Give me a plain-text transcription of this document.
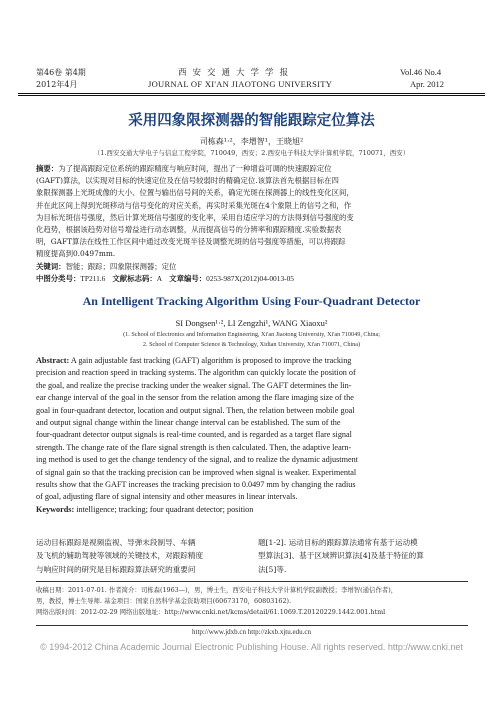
第46卷 第4期
2012年4月
西安交通大学学报
JOURNAL OF XI'AN JIAOTONG UNIVERSITY
Vol.46 No.4
Apr. 2012
采用四象限探测器的智能跟踪定位算法
司栋森¹·²，李增智¹，王晓旭²
（1.西安交通大学电子与信息工程学院，710049，西安；2.西安电子科技大学计算机学院，710071，西安）
摘要：为了提高跟踪定位系统的跟踪精度与响应时间，提出了一种增益可调的快速跟踪定位
(GAFT)算法，以实现对目标的快速定位及在信号较弱时的精确定位.该算法首先根据目标在四
象限探测器上光斑成像的大小、位置与输出信号间的关系，确定光斑在探测器上的线性变化区间，
并在此区间上得到光斑移动与信号变化的对应关系，再实时采集光斑在4个象限上的信号之和，作
为目标光斑信号强度，然后计算光斑信号强度的变化率，采用自适应学习的方法得到信号强度的变
化趋势，根据该趋势对信号增益进行动态调整，从而提高信号的分辨率和跟踪精度.实验数据表
明，GAFT算法在线性工作区间中通过改变光斑半径及调整光斑的信号强度等措施，可以将跟踪
精度提高到0.0497mm.
关键词：智能；跟踪；四象限探测器；定位
中图分类号：TP211.6 文献标志码：A 文章编号：0253-987X(2012)04-0013-05
An Intelligent Tracking Algorithm Using Four-Quadrant Detector
SI Dongsen¹·², LI Zengzhi¹, WANG Xiaoxu²
(1. School of Electronics and Information Engineering, Xi'an Jiaotong University, Xi'an 710049, China;
2. School of Computer Science & Technology, Xidian University, Xi'an 710071, China)
Abstract: A gain adjustable fast tracking (GAFT) algorithm is proposed to improve the tracking
precision and reaction speed in tracking systems. The algorithm can quickly locate the position of
the goal, and realize the precise tracking under the weaker signal. The GAFT determines the lin-
ear change interval of the goal in the sensor from the relation among the flare imaging size of the
goal in four-quadrant detector, location and output signal. Then, the relation between mobile goal
and output signal change within the linear change interval can be established. The sum of the
four-quadrant detector output signals is real-time counted, and is regarded as a target flare signal
strength. The change rate of the flare signal strength is then calculated. Then, the adaptive learn-
ing method is used to get the change tendency of the signal, and to realize the dynamic adjustment
of signal gain so that the tracking precision can be improved when signal is weaker. Experimental
results show that the GAFT increases the tracking precision to 0.0497 mm by changing the radius
of goal, adjusting flare of signal intensity and other measures in linear intervals.
Keywords: intelligence; tracking; four quadrant detector; position
运动目标跟踪是视频监视、导弹末段制导、车辆
及飞机的辅助驾驶等领域的关键技术，对跟踪精度
与响应时间的研究是目标跟踪算法研究的重要问
题[1-2]. 运动目标的跟踪算法通常有基于运动模
型算法[3]、基于区域辨识算法[4]及基于特征的算
法[5]等.
收稿日期：2011-07-01. 作者简介：司栋森(1963—)，男，博士生，西安电子科技大学计算机学院副教授；李增智(通信作者)，
男，教授，博士生导师. 基金项目：国家自然科学基金资助项目(60673170，60803162).
网络出版时间：2012-02-29 网络出版地址：http://www.cnki.net/kcms/detail/61.1069.T.20120229.1442.001.html
http://www.jdxb.cn http://zkxb.xjtu.edu.cn
© 1994-2012 China Academic Journal Electronic Publishing House. All rights reserved. http://www.cnki.net
